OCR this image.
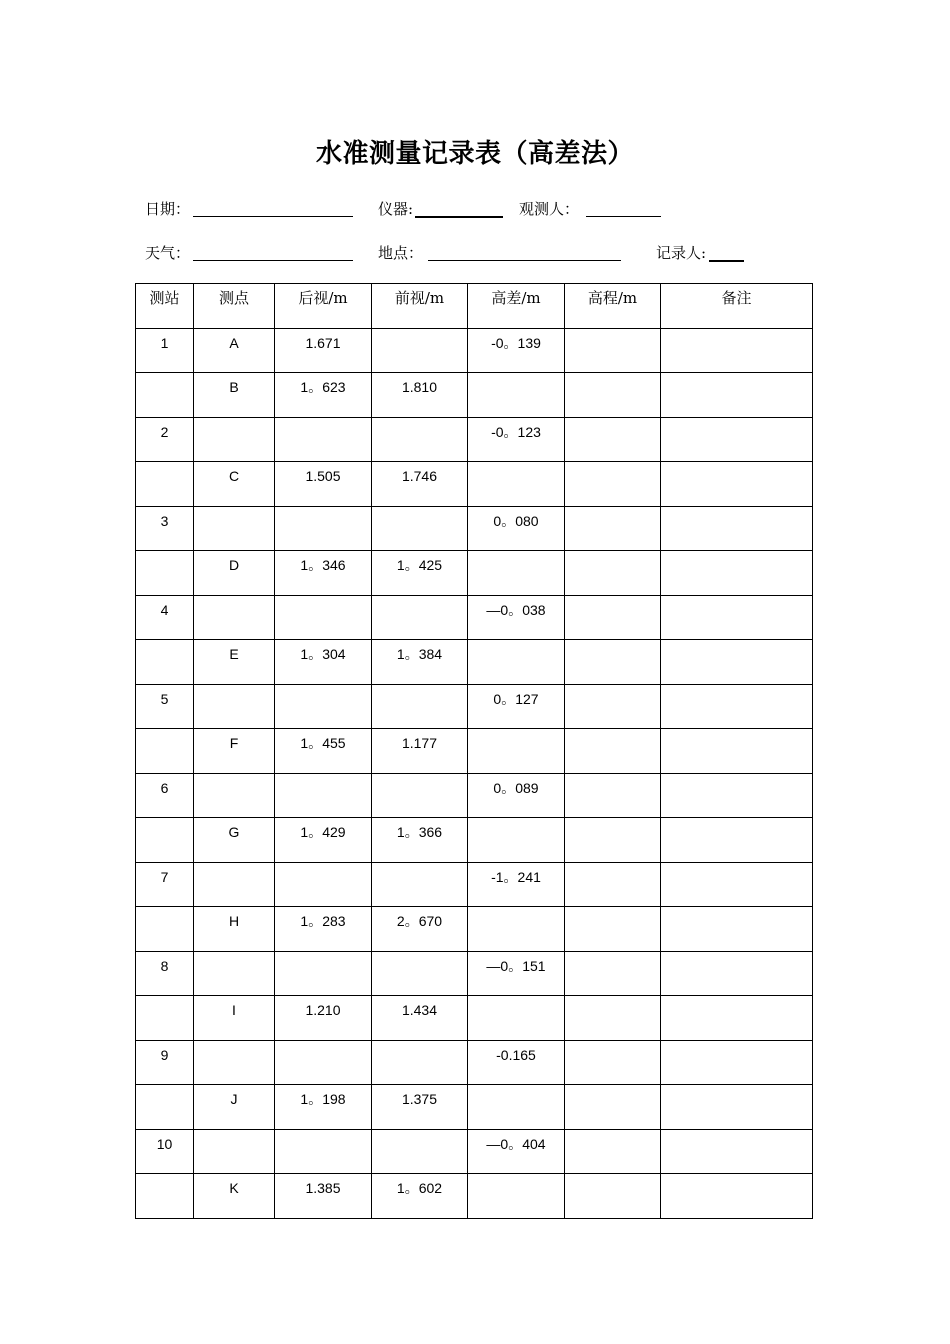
水准测量记录表（高差法）
日期：	仪器:	观测人：
天气：	地点：	记录人:
测站	测点	后视/m	前视/m	高差/m	高程/m	备注

1	A	1.671		-0。139		

	B	1。623	1.810			

2				-0。123		

	C	1.505	1.746			

3				0。080		

	D	1。346	1。425			

4				—0。038		

	E	1。304	1。384			

5				0。127		

	F	1。455	1.177			

6				0。089		

	G	1。429	1。366			

7				-1。241		

	H	1。283	2。670			

8				—0。151		

	I	1.210	1.434			

9				-0.165		

	J	1。198	1.375			

10				—0。404		

	K	1.385	1。602			
